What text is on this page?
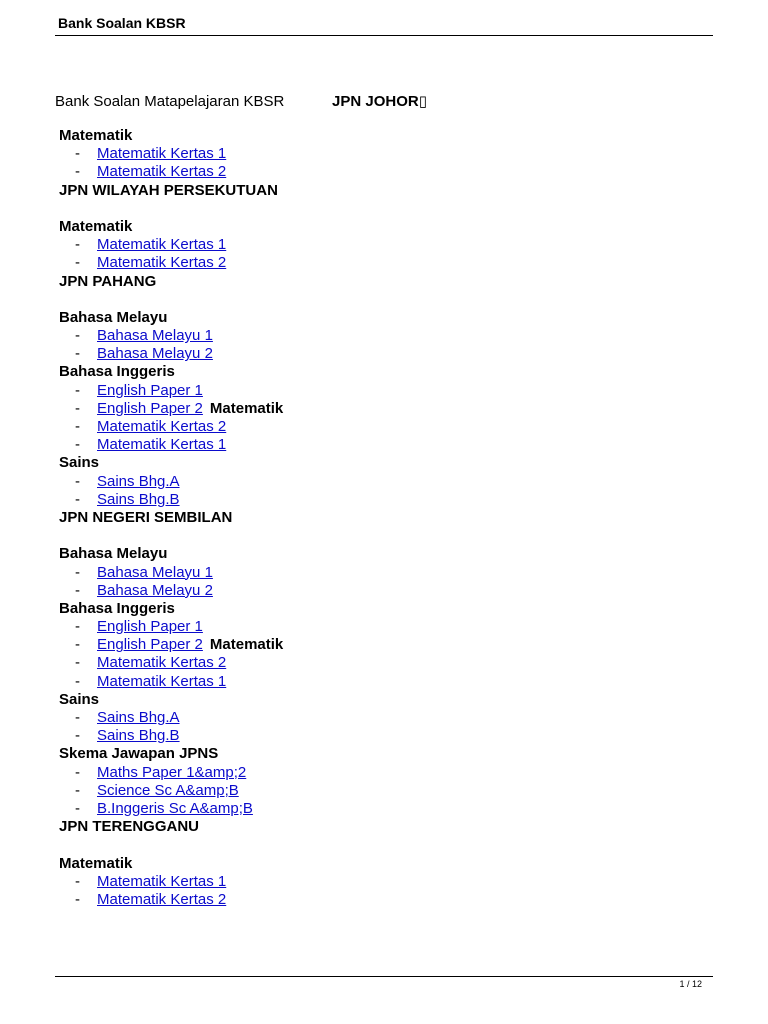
Bank Soalan KBSR
Bank Soalan Matapelajaran KBSR	JPN JOHOR▯
Matematik
- Matematik Kertas 1
- Matematik Kertas 2
JPN WILAYAH PERSEKUTUAN
Matematik
- Matematik Kertas 1
- Matematik Kertas 2
JPN PAHANG
Bahasa Melayu
- Bahasa Melayu 1
- Bahasa Melayu 2
Bahasa Inggeris
- English Paper 1
- English Paper 2 Matematik
- Matematik Kertas 2
- Matematik Kertas 1
Sains
- Sains Bhg.A
- Sains Bhg.B
JPN NEGERI SEMBILAN
Bahasa Melayu
- Bahasa Melayu 1
- Bahasa Melayu 2
Bahasa Inggeris
- English Paper 1
- English Paper 2 Matematik
- Matematik Kertas 2
- Matematik Kertas 1
Sains
- Sains Bhg.A
- Sains Bhg.B
Skema Jawapan JPNS
- Maths Paper 1&amp;2
- Science Sc A&amp;B
- B.Inggeris Sc A&amp;B
JPN TERENGGANU
Matematik
- Matematik Kertas 1
- Matematik Kertas 2
1 / 12
